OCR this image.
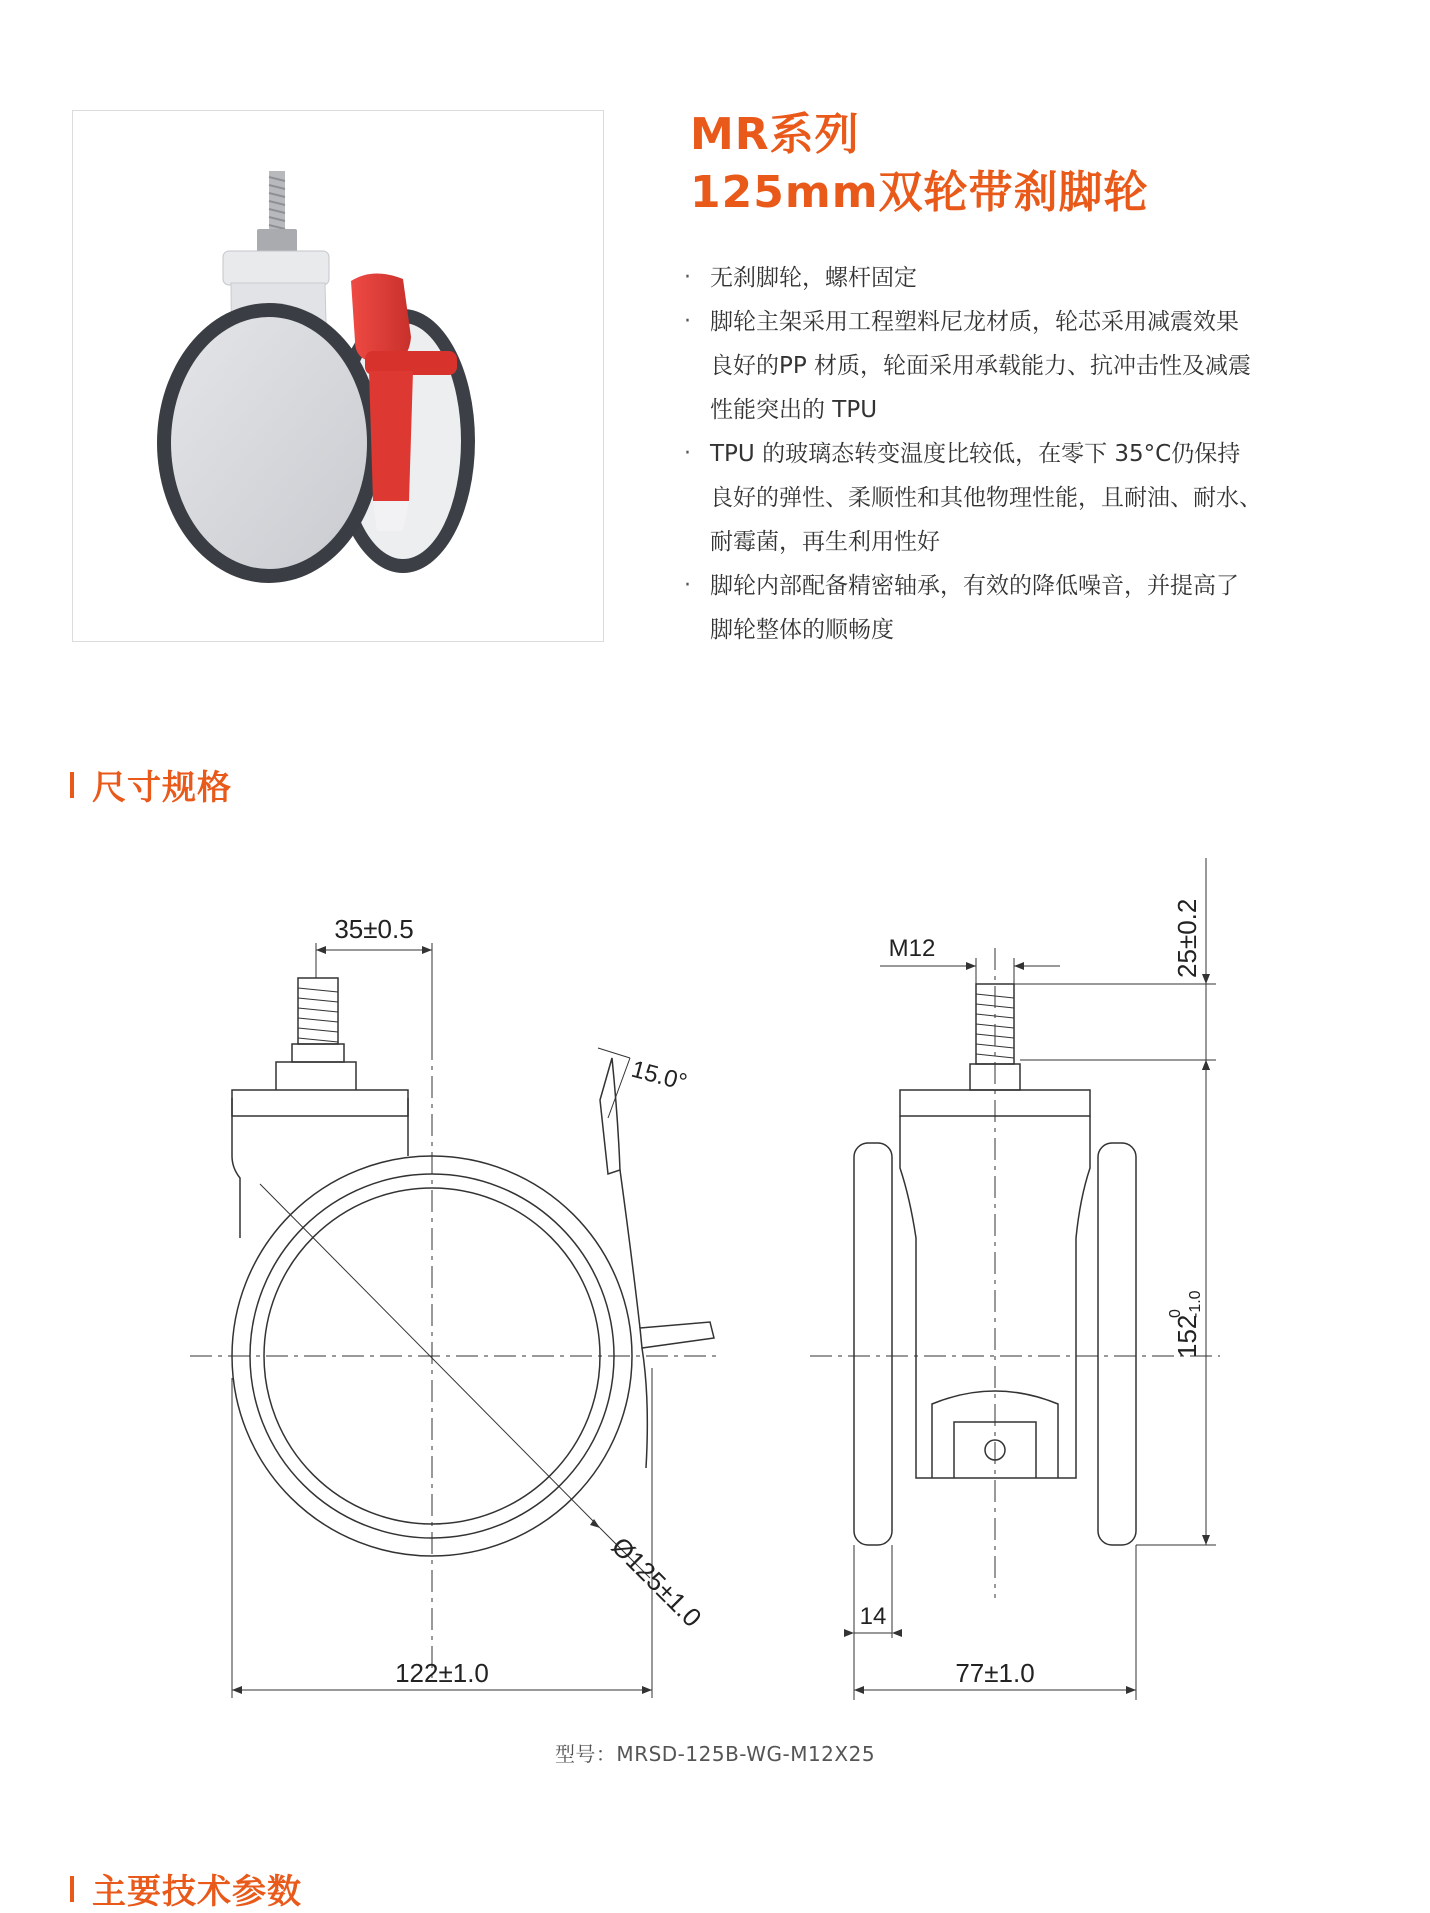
MR系列
125mm双轮带刹脚轮
· 无刹脚轮，螺杆固定
· 脚轮主架采用工程塑料尼龙材质，轮芯采用减震效果
良好的PP 材质，轮面采用承载能力、抗冲击性及减震
性能突出的 TPU
· TPU 的玻璃态转变温度比较低，在零下 35°C仍保持
良好的弹性、柔顺性和其他物理性能，且耐油、耐水、
耐霉菌，再生利用性好
· 脚轮内部配备精密轴承，有效的降低噪音，并提高了
脚轮整体的顺畅度
尺寸规格
35±0.5
15.0°
Ø125±1.0
122±1.0
M12	25±0.2
152
0 -1.0
14
77±1.0
型号：MRSD-125B-WG-M12X25
主要技术参数
